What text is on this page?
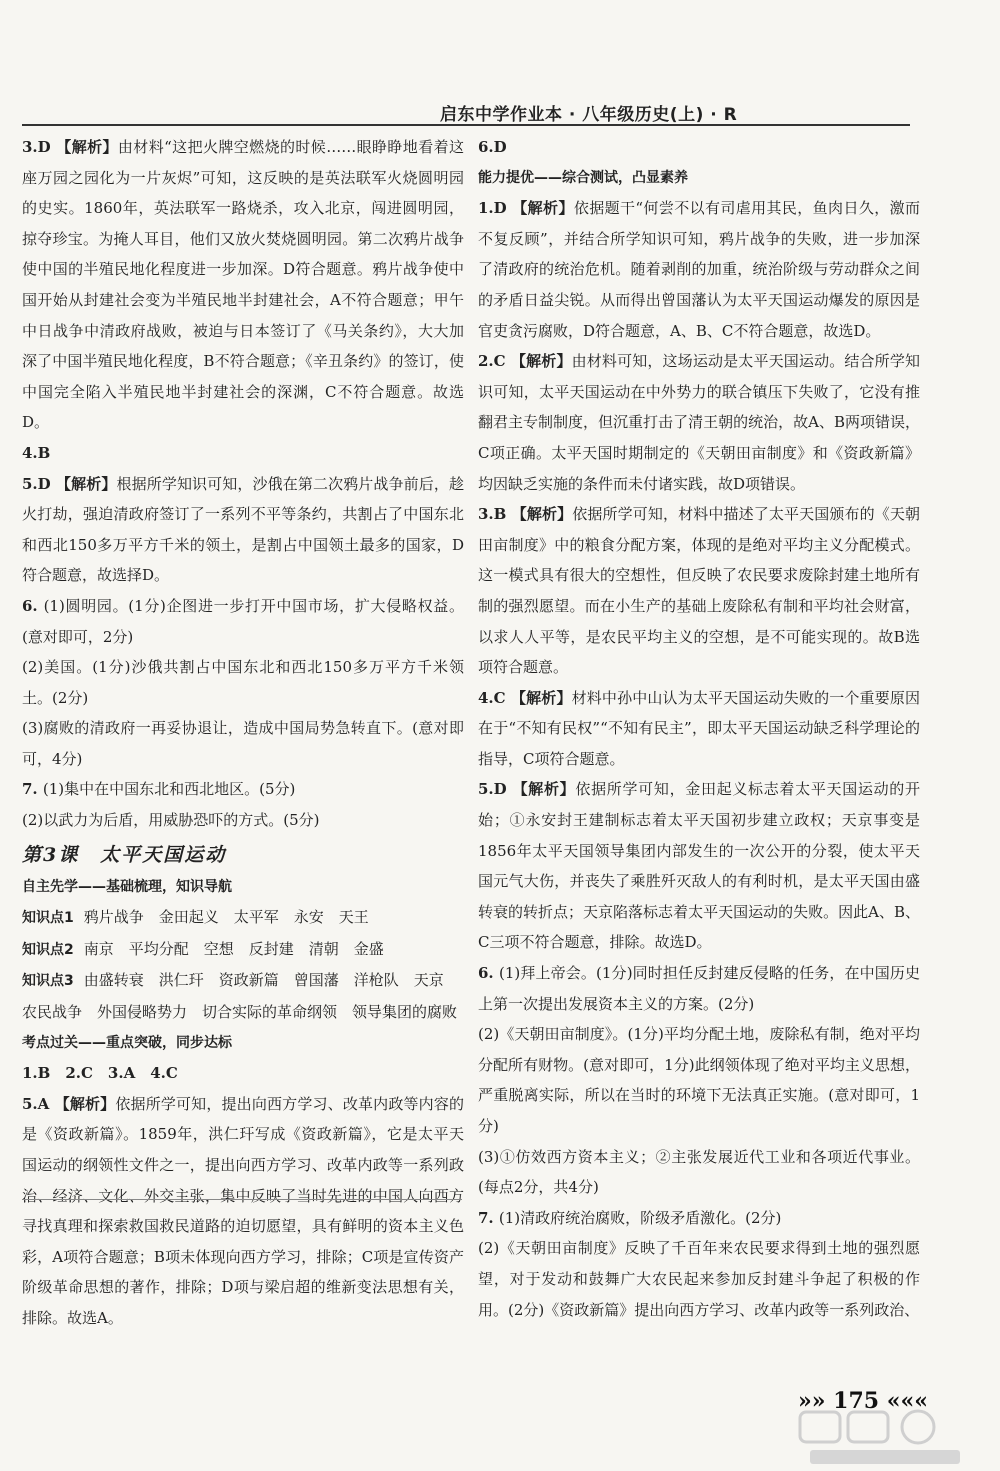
启东中学作业本 · 八年级历史(上) · R

3.D 【解析】由材料“这把火牌空燃烧的时候……眼睁睁地看着这座万园之园化为一片灰烬”可知，这反映的是英法联军火烧圆明园的史实。1860年，英法联军一路烧杀，攻入北京，闯进圆明园，掠夺珍宝。为掩人耳目，他们又放火焚烧圆明园。第二次鸦片战争使中国的半殖民地化程度进一步加深。D符合题意。鸦片战争使中国开始从封建社会变为半殖民地半封建社会，A不符合题意；甲午中日战争中清政府战败，被迫与日本签订了《马关条约》，大大加深了中国半殖民地化程度，B不符合题意；《辛丑条约》的签订，使中国完全陷入半殖民地半封建社会的深渊，C不符合题意。故选D。

4.B

5.D 【解析】根据所学知识可知，沙俄在第二次鸦片战争前后，趁火打劫，强迫清政府签订了一系列不平等条约，共割占了中国东北和西北150多万平方千米的领土，是割占中国领土最多的国家，D符合题意，故选择D。

6. (1)圆明园。(1分)企图进一步打开中国市场，扩大侵略权益。(意对即可，2分)

(2)美国。(1分)沙俄共割占中国东北和西北150多万平方千米领土。(2分)

(3)腐败的清政府一再妥协退让，造成中国局势急转直下。(意对即可，4分)

7. (1)集中在中国东北和西北地区。(5分)

(2)以武力为后盾，用威胁恐吓的方式。(5分)

第3课　太平天国运动

自主先学——基础梳理，知识导航

知识点1 鸦片战争　金田起义　太平军　永安　天王

知识点2 南京　平均分配　空想　反封建　清朝　金盛

知识点3 由盛转衰　洪仁玕　资政新篇　曾国藩　洋枪队　天京　农民战争　外国侵略势力　切合实际的革命纲领　领导集团的腐败

考点过关——重点突破，同步达标

1.B　2.C　3.A　4.C

5.A 【解析】依据所学可知，提出向西方学习、改革内政等内容的是《资政新篇》。1859年，洪仁玕写成《资政新篇》，它是太平天国运动的纲领性文件之一，提出向西方学习、改革内政等一系列政治、经济、文化、外交主张，集中反映了当时先进的中国人向西方寻找真理和探索救国救民道路的迫切愿望，具有鲜明的资本主义色彩，A项符合题意；B项未体现向西方学习，排除；C项是宣传资产阶级革命思想的著作，排除；D项与梁启超的维新变法思想有关，排除。故选A。

6.D

能力提优——综合测试，凸显素养

1.D 【解析】依据题干“何尝不以有司虐用其民，鱼肉日久，激而不复反顾”，并结合所学知识可知，鸦片战争的失败，进一步加深了清政府的统治危机。随着剥削的加重，统治阶级与劳动群众之间的矛盾日益尖锐。从而得出曾国藩认为太平天国运动爆发的原因是官吏贪污腐败，D符合题意，A、B、C不符合题意，故选D。

2.C 【解析】由材料可知，这场运动是太平天国运动。结合所学知识可知，太平天国运动在中外势力的联合镇压下失败了，它没有推翻君主专制制度，但沉重打击了清王朝的统治，故A、B两项错误，C项正确。太平天国时期制定的《天朝田亩制度》和《资政新篇》均因缺乏实施的条件而未付诸实践，故D项错误。

3.B 【解析】依据所学可知，材料中描述了太平天国颁布的《天朝田亩制度》中的粮食分配方案，体现的是绝对平均主义分配模式。这一模式具有很大的空想性，但反映了农民要求废除封建土地所有制的强烈愿望。而在小生产的基础上废除私有制和平均社会财富，以求人人平等，是农民平均主义的空想，是不可能实现的。故B选项符合题意。

4.C 【解析】材料中孙中山认为太平天国运动失败的一个重要原因在于“不知有民权”“不知有民主”，即太平天国运动缺乏科学理论的指导，C项符合题意。

5.D 【解析】依据所学可知，金田起义标志着太平天国运动的开始；①永安封王建制标志着太平天国初步建立政权；天京事变是1856年太平天国领导集团内部发生的一次公开的分裂，使太平天国元气大伤，并丧失了乘胜歼灭敌人的有利时机，是太平天国由盛转衰的转折点；天京陷落标志着太平天国运动的失败。因此A、B、C三项不符合题意，排除。故选D。

6. (1)拜上帝会。(1分)同时担任反封建反侵略的任务，在中国历史上第一次提出发展资本主义的方案。(2分)

(2)《天朝田亩制度》。(1分)平均分配土地，废除私有制，绝对平均分配所有财物。(意对即可，1分)此纲领体现了绝对平均主义思想，严重脱离实际，所以在当时的环境下无法真正实施。(意对即可，1分)

(3)①仿效西方资本主义；②主张发展近代工业和各项近代事业。(每点2分，共4分)

7. (1)清政府统治腐败，阶级矛盾激化。(2分)

(2)《天朝田亩制度》反映了千百年来农民要求得到土地的强烈愿望，对于发动和鼓舞广大农民起来参加反封建斗争起了积极的作用。(2分)《资政新篇》提出向西方学习、改革内政等一系列政治、

»» 175 «««
